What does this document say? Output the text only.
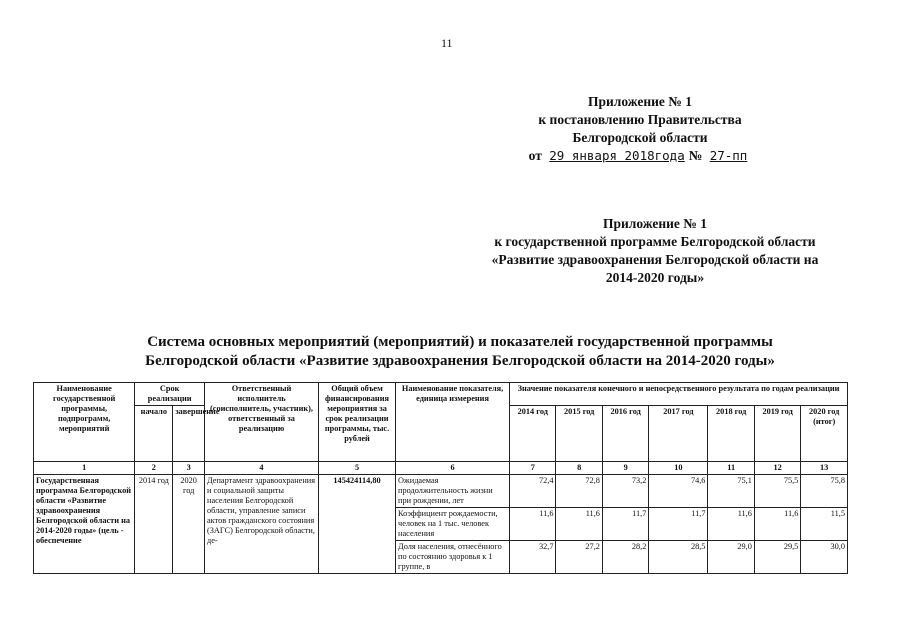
11
Приложение № 1
к постановлению Правительства
Белгородской области
от 29 января 2018года № 27-пп
Приложение № 1
к государственной программе Белгородской области
«Развитие здравоохранения Белгородской области на
2014-2020 годы»
Система основных мероприятий (мероприятий) и показателей государственной программы
Белгородской области «Развитие здравоохранения Белгородской области на 2014-2020 годы»
Наименование государственной программы, подпрограмм, мероприятий	Срок реализации		Ответственный исполнитель (соисполнитель, участник), ответственный за реализацию	Общий объем финансирования мероприятия за срок реализации программы, тыс. рублей	Наименование показателя, единица измерения	Значение показателя конечного и непосредственного результата по годам реализации						
	начало	завершение				2014 год	2015 год	2016 год	2017 год	2018 год	2019 год	2020 год (итог)
1	2	3	4	5	6	7	8	9	10	11	12	13
Государственная программа Белгородской области «Развитие здравоохранения Белгородской области на 2014-2020 годы» (цель - обеспечение	2014 год	2020 год	Департамент здравоохранения и социальной защиты населения Белгородской области, управление записи актов гражданского состояния (ЗАГС) Белгородской области, де-	145424114,80	Ожидаемая продолжительность жизни при рождении, лет	72,4	72,8	73,2	74,6	75,1	75,5	75,8
					Коэффициент рождаемости, человек на 1 тыс. человек населения	11,6	11,6	11,7	11,7	11,6	11,6	11,5
					Доля населения, отнесённого по состоянию здоровья к 1 группе, в	32,7	27,2	28,2	28,5	29,0	29,5	30,0
